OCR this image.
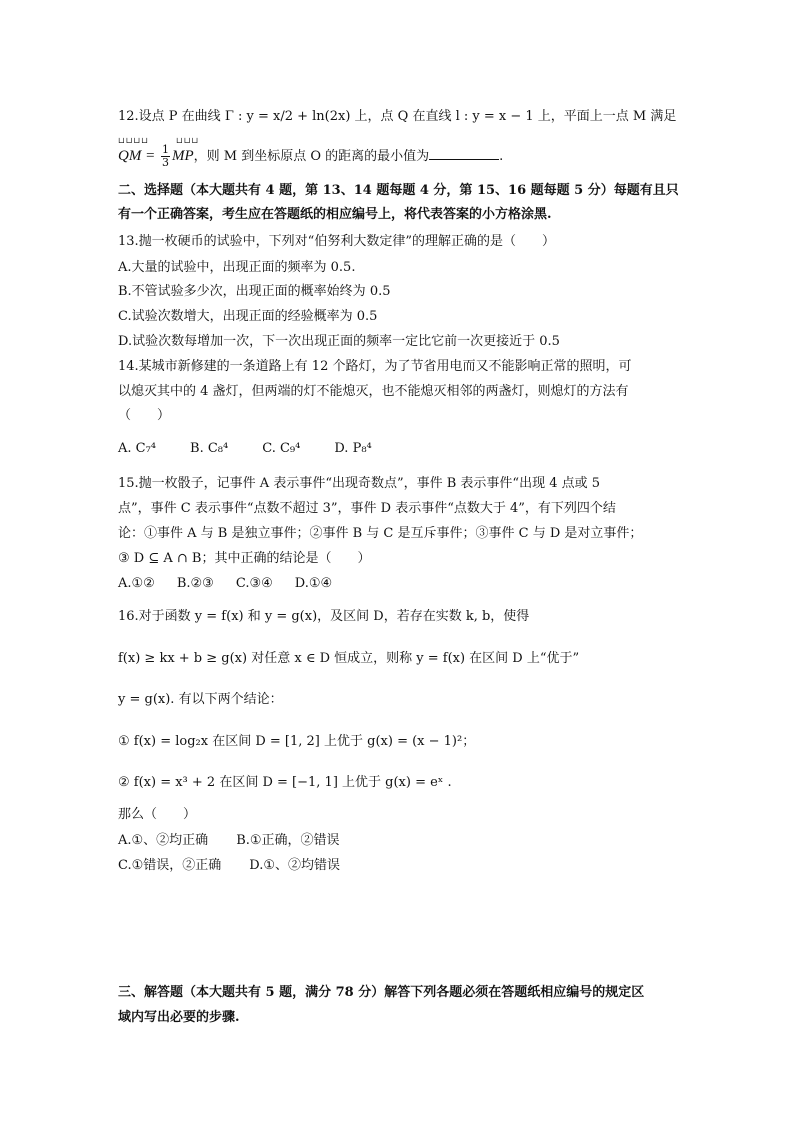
12.设点 P 在曲线 Γ : y = x/2 + ln(2x) 上，点 Q 在直线 l : y = x − 1 上，平面上一点 M 满足
⊔⊔⊔⊔	⊔⊔⊔
QM = $\frac{1}{3}$ MP，则 M 到坐标原点 O 的距离的最小值为	.
二、选择题（本大题共有 4 题，第 13、14 题每题 4 分，第 15、16 题每题 5 分）每题有且只
有一个正确答案，考生应在答题纸的相应编号上，将代表答案的小方格涂黑.
13.抛一枚硬币的试验中，下列对“伯努利大数定律”的理解正确的是（　　）
A.大量的试验中，出现正面的频率为 0.5.
B.不管试验多少次，出现正面的概率始终为 0.5
C.试验次数增大，出现正面的经验概率为 0.5
D.试验次数每增加一次，下一次出现正面的频率一定比它前一次更接近于 0.5
14.某城市新修建的一条道路上有 12 个路灯，为了节省用电而又不能影响正常的照明，可
以熄灭其中的 4 盏灯，但两端的灯不能熄灭，也不能熄灭相邻的两盏灯，则熄灯的方法有
（　　）
A. C₇⁴	B. C₈⁴	C. C₉⁴	D. P₈⁴
15.抛一枚骰子，记事件 A 表示事件“出现奇数点”，事件 B 表示事件“出现 4 点或 5
点”，事件 C 表示事件“点数不超过 3”，事件 D 表示事件“点数大于 4”，有下列四个结
论：①事件 A 与 B 是独立事件；②事件 B 与 C 是互斥事件；③事件 C 与 D 是对立事件；
③ D ⊆ A ∩ B；其中正确的结论是（　　）
A.①② B.②③ C.③④ D.①④
16.对于函数 y = f(x) 和 y = g(x)，及区间 D，若存在实数 k, b，使得
f(x) ≥ kx + b ≥ g(x) 对任意 x ∈ D 恒成立，则称 y = f(x) 在区间 D 上“优于”
y = g(x). 有以下两个结论：
① f(x) = log₂x 在区间 D = [1, 2] 上优于 g(x) = (x − 1)²；
② f(x) = x³ + 2 在区间 D = [−1, 1] 上优于 g(x) = eˣ .
那么（　　）
A.①、②均正确 B.①正确，②错误
C.①错误，②正确 D.①、②均错误
三、解答题（本大题共有 5 题，满分 78 分）解答下列各题必须在答题纸相应编号的规定区
域内写出必要的步骤.
